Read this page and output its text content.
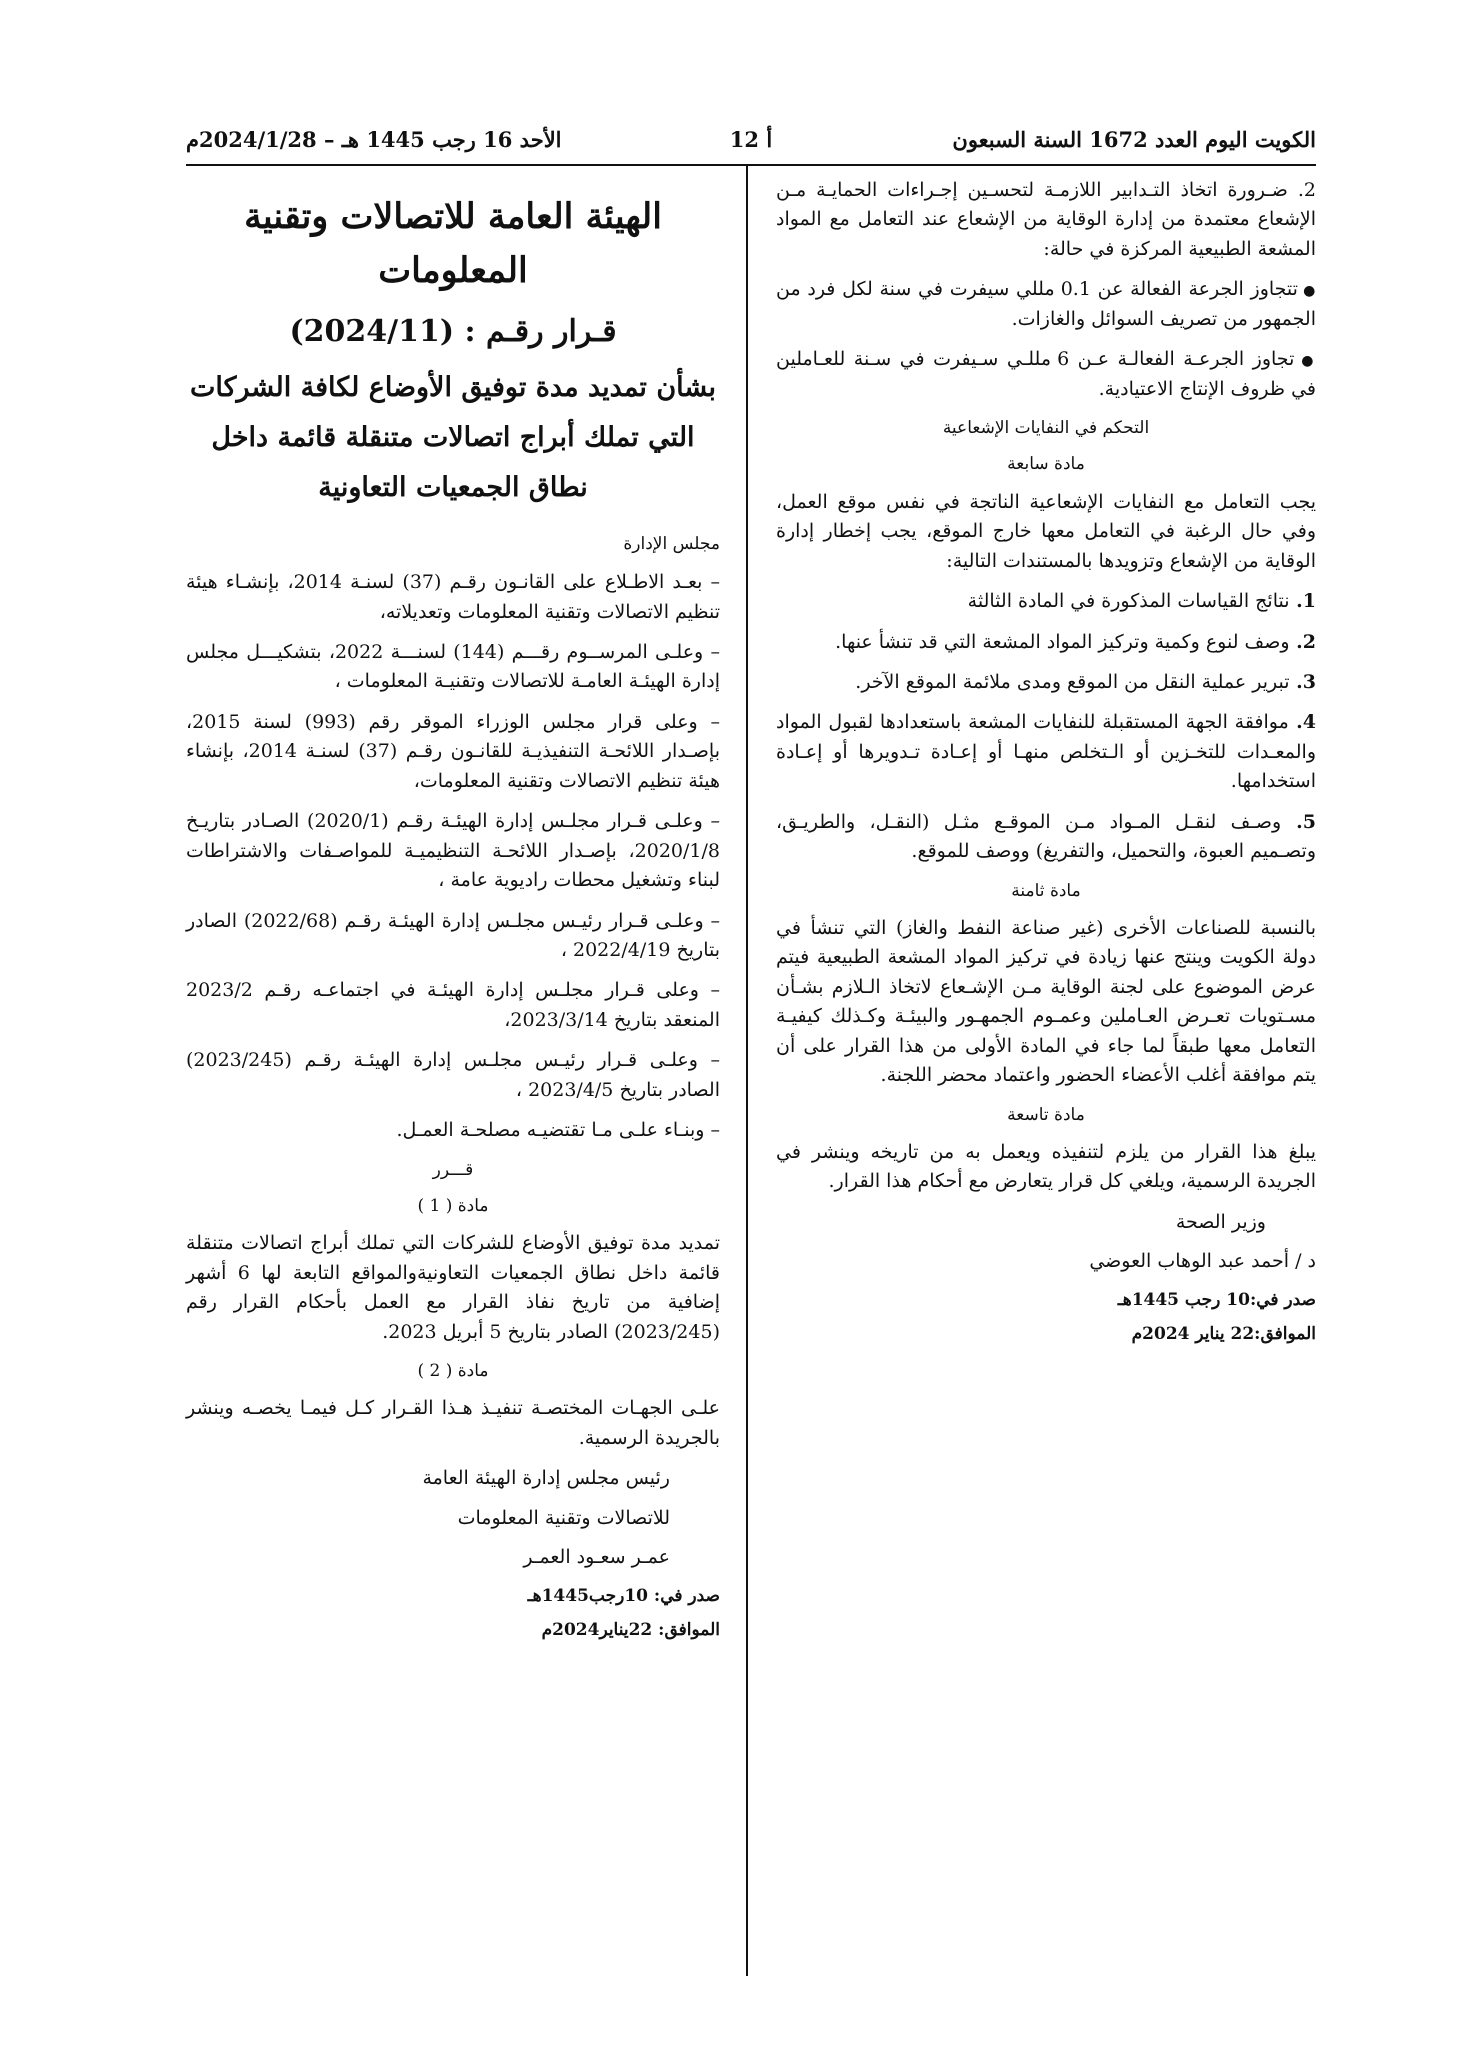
الكويت اليوم العدد 1672 السنة السبعون
أ 12
الأحد 16 رجب 1445 هـ – 2024/1/28م

2. ضـرورة اتخاذ التـدابير اللازمـة لتحسـين إجـراءات الحمايـة مـن الإشعاع معتمدة من إدارة الوقاية من الإشعاع عند التعامل مع المواد المشعة الطبيعية المركزة في حالة:

● تتجاوز الجرعة الفعالة عن 0.1 مللي سيفرت في سنة لكل فرد من الجمهور من تصريف السوائل والغازات.

● تجاوز الجرعـة الفعالـة عـن 6 مللـي سـيفرت في سـنة للعـاملين في ظروف الإنتاج الاعتيادية.

التحكم في النفايات الإشعاعية
مادة سابعة

يجب التعامل مع النفايات الإشعاعية الناتجة في نفس موقع العمل، وفي حال الرغبة في التعامل معها خارج الموقع، يجب إخطار إدارة الوقاية من الإشعاع وتزويدها بالمستندات التالية:

1. نتائج القياسات المذكورة في المادة الثالثة

2. وصف لنوع وكمية وتركيز المواد المشعة التي قد تنشأ عنها.

3. تبرير عملية النقل من الموقع ومدى ملائمة الموقع الآخر.

4. موافقة الجهة المستقبلة للنفايات المشعة باستعدادها لقبول المواد والمعـدات للتخـزين أو الـتخلص منهـا أو إعـادة تـدويرها أو إعـادة استخدامها.

5. وصـف لنقـل المـواد مـن الموقـع مثـل (النقـل، والطريـق، وتصـميم العبوة، والتحميل، والتفريغ) ووصف للموقع.

مادة ثامنة

بالنسبة للصناعات الأخرى (غير صناعة النفط والغاز) التي تنشأ في دولة الكويت وينتج عنها زيادة في تركيز المواد المشعة الطبيعية فيتم عرض الموضوع على لجنة الوقاية مـن الإشـعاع لاتخاذ الـلازم بشـأن مسـتويات تعـرض العـاملين وعمـوم الجمهـور والبيئـة وكـذلك كيفيـة التعامل معها طبقاً لما جاء في المادة الأولى من هذا القرار على أن يتم موافقة أغلب الأعضاء الحضور واعتماد محضر اللجنة.

مادة تاسعة

يبلغ هذا القرار من يلزم لتنفيذه ويعمل به من تاريخه وينشر في الجريدة الرسمية، ويلغي كل قرار يتعارض مع أحكام هذا القرار.

وزير الصحة

د / أحمد عبد الوهاب العوضي

صدر في:10 رجب 1445هـ

الموافق:22 يناير 2024م

الهيئة العامة للاتصالات وتقنية المعلومات
قـرار رقـم : (2024/11)
بشأن تمديد مدة توفيق الأوضاع لكافة الشركات التي تملك أبراج اتصالات متنقلة قائمة داخل نطاق الجمعيات التعاونية

مجلس الإدارة

– بعـد الاطـلاع على القانـون رقـم (37) لسنـة 2014، بإنشـاء هيئة تنظيم الاتصالات وتقنية المعلومات وتعديلاته،

– وعلـى المرســوم رقـــم (144) لسنـــة 2022، بتشكيـــل مجلس إدارة الهيئـة العامـة للاتصالات وتقنيـة المعلومات ،

– وعلى قرار مجلس الوزراء الموقر رقم (993) لسنة 2015، بإصـدار اللائحـة التنفيذيـة للقانـون رقـم (37) لسنـة 2014، بإنشاء هيئة تنظيم الاتصالات وتقنية المعلومات،

– وعلـى قـرار مجلـس إدارة الهيئـة رقـم (2020/1) الصـادر بتاريـخ 2020/1/8، بإصـدار اللائحـة التنظيميـة للمواصـفات والاشتراطات لبناء وتشغيل محطات راديوية عامة ،

– وعلـى قـرار رئيـس مجلـس إدارة الهيئـة رقـم (2022/68) الصادر بتاريخ 2022/4/19 ،

– وعلى قـرار مجلـس إدارة الهيئـة في اجتماعـه رقـم 2023/2 المنعقد بتاريخ 2023/3/14،

– وعلـى قـرار رئيـس مجلـس إدارة الهيئـة رقـم (2023/245) الصادر بتاريخ 2023/4/5 ،

– وبنـاء علـى مـا تقتضيـه مصلحـة العمـل.

قـــرر
مادة ( 1 )

تمديد مدة توفيق الأوضاع للشركات التي تملك أبراج اتصالات متنقلة قائمة داخل نطاق الجمعيات التعاونيةوالمواقع التابعة لها 6 أشهر إضافية من تاريخ نفاذ القرار مع العمل بأحكام القرار رقم (2023/245) الصادر بتاريخ 5 أبريل 2023.

مادة ( 2 )

علـى الجهـات المختصـة تنفيـذ هـذا القـرار كـل فيمـا يخصـه وينشر بالجريدة الرسمية.

رئيس مجلس إدارة الهيئة العامة

للاتصالات وتقنية المعلومات

عمـر سعـود العمـر

صدر في: 10رجب1445هـ

الموافق: 22يناير2024م
